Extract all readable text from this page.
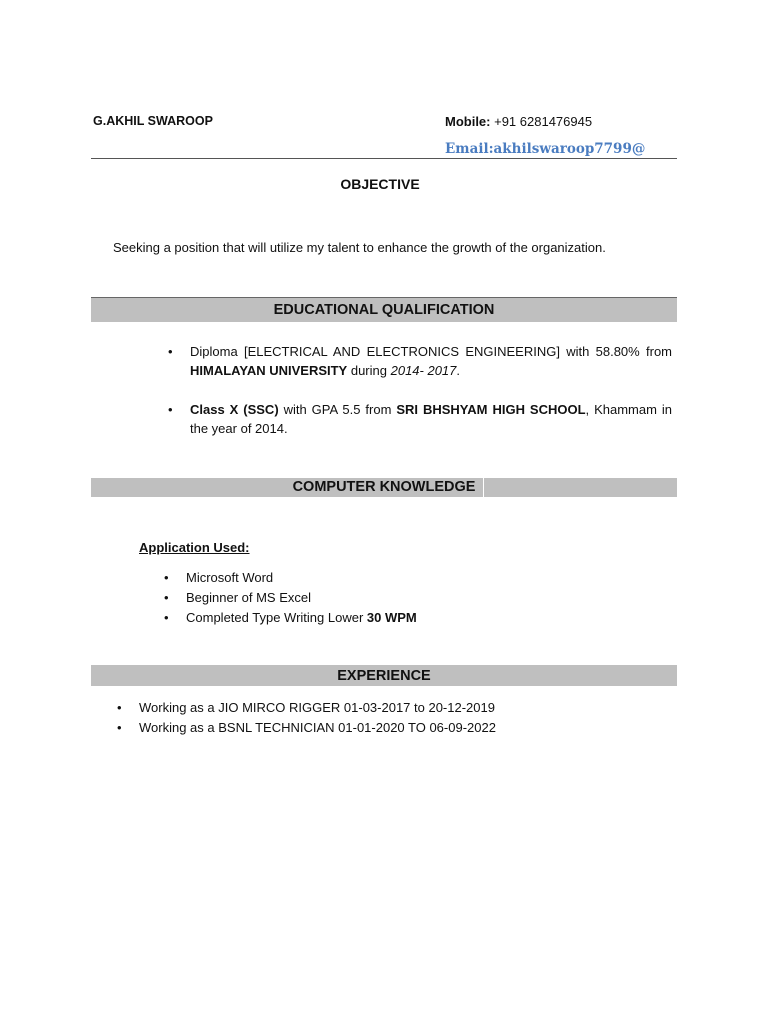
G.AKHIL SWAROOP	Mobile: +91 6281476945
Email:akhilswaroop7799@
OBJECTIVE
Seeking a position that will utilize my talent to enhance the growth of the organization.
EDUCATIONAL QUALIFICATION
• Diploma [ELECTRICAL AND ELECTRONICS ENGINEERING] with 58.80% from HIMALAYAN UNIVERSITY during 2014- 2017.
• Class X (SSC) with GPA 5.5 from SRI BHSHYAM HIGH SCHOOL, Khammam in the year of 2014.
COMPUTER KNOWLEDGE
Application Used:
• Microsoft Word
• Beginner of MS Excel
• Completed Type Writing Lower 30 WPM
EXPERIENCE
• Working as a JIO MIRCO RIGGER 01-03-2017 to 20-12-2019
• Working as a BSNL TECHNICIAN 01-01-2020 TO 06-09-2022
